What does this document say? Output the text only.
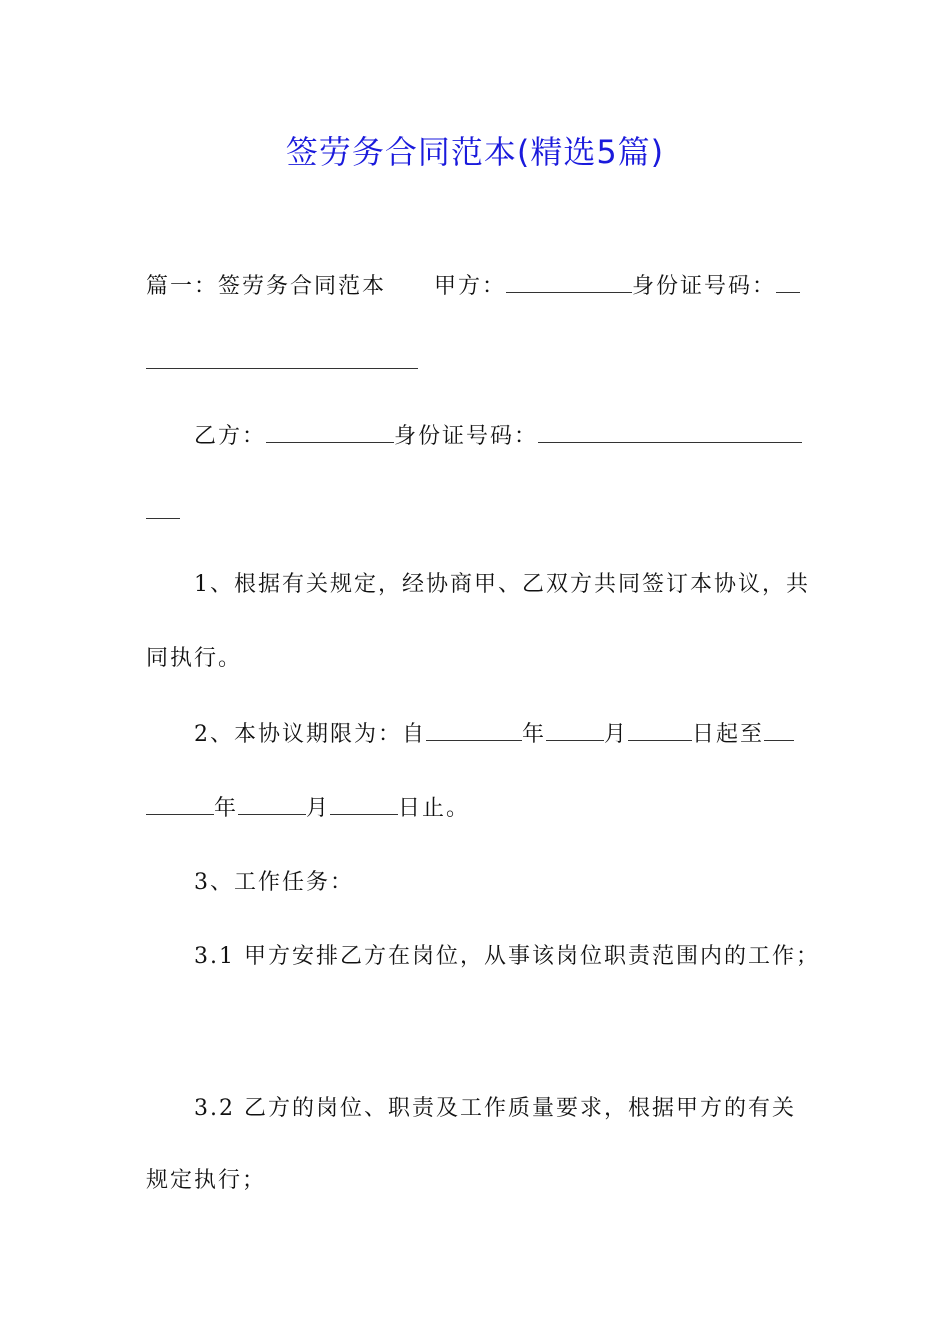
签劳务合同范本(精选5篇)
篇一：签劳务合同范本 甲方：	身份证号码：
乙方：	身份证号码：
1、根据有关规定，经协商甲、乙双方共同签订本协议，共
同执行。
2、本协议期限为：自	年	月	日起至
年	月	日止。
3、工作任务：
3.1 甲方安排乙方在岗位，从事该岗位职责范围内的工作；
3.2 乙方的岗位、职责及工作质量要求，根据甲方的有关
规定执行；
